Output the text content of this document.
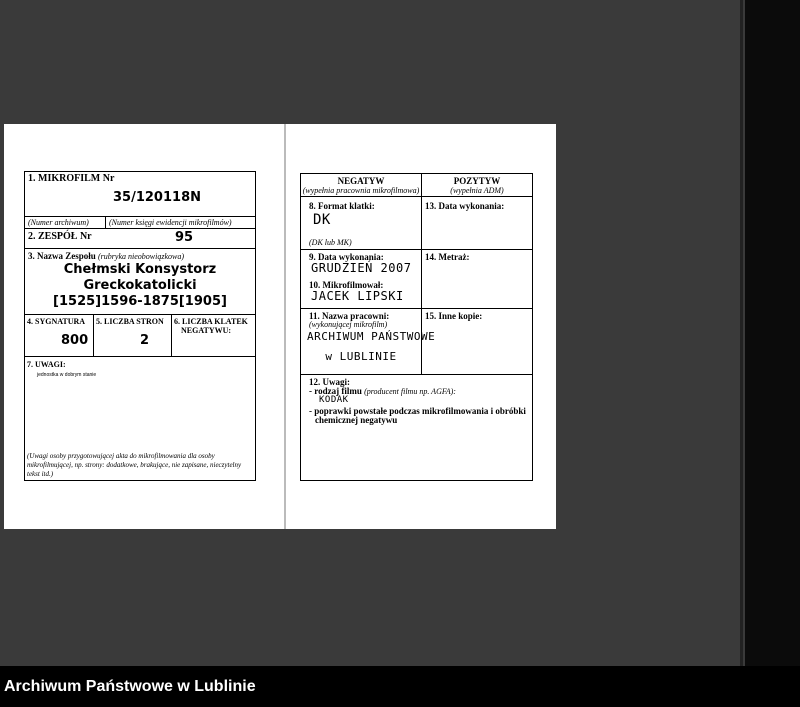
1. MIKROFILM Nr
35/120118N
(Numer archiwum)	(Numer księgi ewidencji mikrofilmów)
2. ZESPÓŁ Nr	95
3. Nazwa Zespołu (rubryka nieobowiązkowa)
Chełmski Konsystorz
Greckokatolicki
[1525]1596-1875[1905]
4. SYGNATURA
800
5. LICZBA STRON
2
6. LICZBA KLATEK
NEGATYWU:
7. UWAGI:
jednostka w dobrym stanie
(Uwagi osoby przygotowującej akta do mikrofilmowania dla osoby mikrofilmującej, np. strony: dodatkowe, brakujące, nie zapisane, nieczytelny tekst itd.)
NEGATYW
(wypełnia pracownia mikrofilmowa)
POZYTYW
(wypełnia ADM)
8. Format klatki:
DK
(DK lub MK)
13. Data wykonania:
9. Data wykonania:
GRUDZIEŃ 2007
10. Mikrofilmował:
JACEK LIPSKI
14. Metraż:
11. Nazwa pracowni:
(wykonującej mikrofilm)
ARCHIWUM PAŃSTWOWE
w LUBLINIE
15. Inne kopie:
12. Uwagi:
- rodzaj filmu (producent filmu np. AGFA):
KODAK
- poprawki powstałe podczas mikrofilmowania i obróbki
chemicznej negatywu
Archiwum Państwowe w Lublinie
